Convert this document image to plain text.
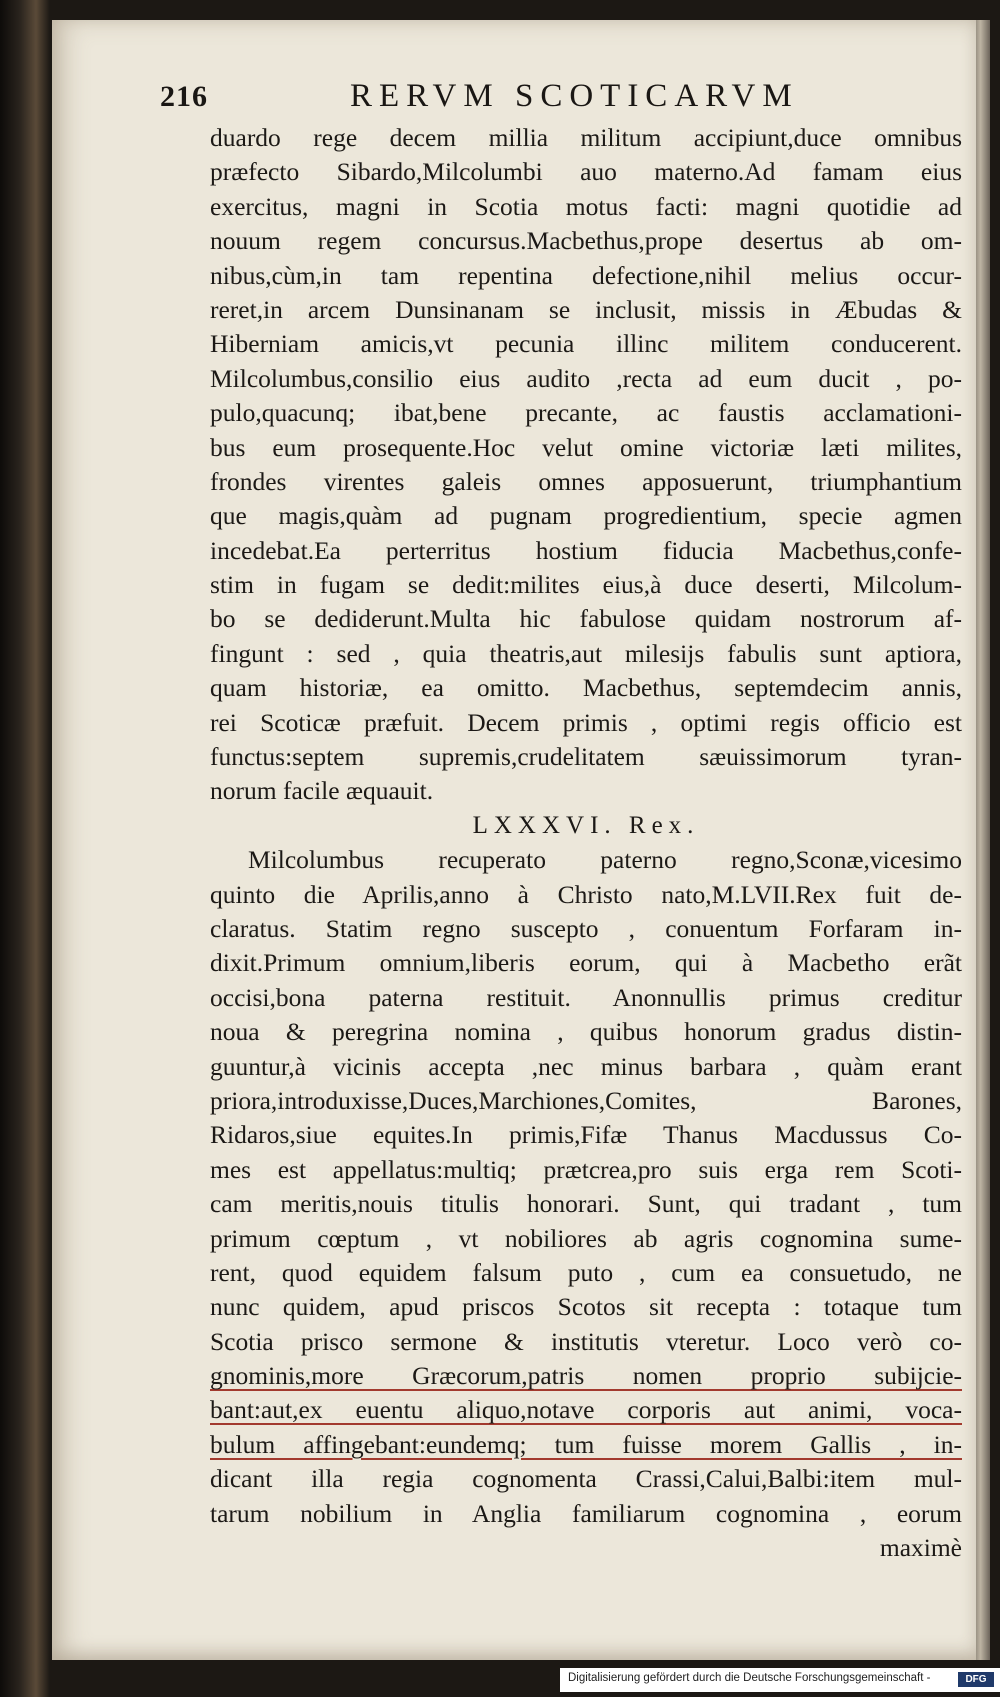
216	RERVM SCOTICARVM
duardo rege decem millia militum accipiunt,duce omnibus
præfecto Sibardo,Milcolumbi auo materno.Ad famam eius
exercitus, magni in Scotia motus facti: magni quotidie ad
nouum regem concursus.Macbethus,prope desertus ab om-
nibus,cùm,in tam repentina defectione,nihil melius occur-
reret,in arcem Dunsinanam se inclusit, missis in Æbudas &
Hiberniam amicis,vt pecunia illinc militem conducerent.
Milcolumbus,consilio eius audito ,recta ad eum ducit , po-
pulo,quacunq; ibat,bene precante, ac faustis acclamationi-
bus eum prosequente.Hoc velut omine victoriæ læti milites,
frondes virentes galeis omnes apposuerunt, triumphantium
que magis,quàm ad pugnam progredientium, specie agmen
incedebat.Ea perterritus hostium fiducia Macbethus,confe-
stim in fugam se dedit:milites eius,à duce deserti, Milcolum-
bo se dediderunt.Multa hic fabulose quidam nostrorum af-
fingunt : sed , quia theatris,aut milesijs fabulis sunt aptiora,
quam historiæ, ea omitto. Macbethus, septemdecim annis,
rei Scoticæ præfuit. Decem primis , optimi regis officio est
functus:septem supremis,crudelitatem sæuissimorum tyran-
norum facile æquauit.
LXXXVI. Rex.
Milcolumbus recuperato paterno regno,Sconæ,vicesimo
quinto die Aprilis,anno à Christo nato,M.LVII.Rex fuit de-
claratus. Statim regno suscepto , conuentum Forfaram in-
dixit.Primum omnium,liberis eorum, qui à Macbetho erãt
occisi,bona paterna restituit. Anonnullis primus creditur
noua & peregrina nomina , quibus honorum gradus distin-
guuntur,à vicinis accepta ,nec minus barbara , quàm erant
priora,introduxisse,Duces,Marchiones,Comites, Barones,
Ridaros,siue equites.In primis,Fifæ Thanus Macdussus Co-
mes est appellatus:multiq; prætcrea,pro suis erga rem Scoti-
cam meritis,nouis titulis honorari. Sunt, qui tradant , tum
primum cœptum , vt nobiliores ab agris cognomina sume-
rent, quod equidem falsum puto , cum ea consuetudo, ne
nunc quidem, apud priscos Scotos sit recepta : totaque tum
Scotia prisco sermone & institutis vteretur. Loco verò co-
gnominis,more Græcorum,patris nomen proprio subijcie-
bant:aut,ex euentu aliquo,notave corporis aut animi, voca-
bulum affingebant:eundemq; tum fuisse morem Gallis , in-
dicant illa regia cognomenta Crassi,Calui,Balbi:item mul-
tarum nobilium in Anglia familiarum cognomina , eorum
maximè
Digitalisierung gefördert durch die Deutsche Forschungsgemeinschaft -	DFG
